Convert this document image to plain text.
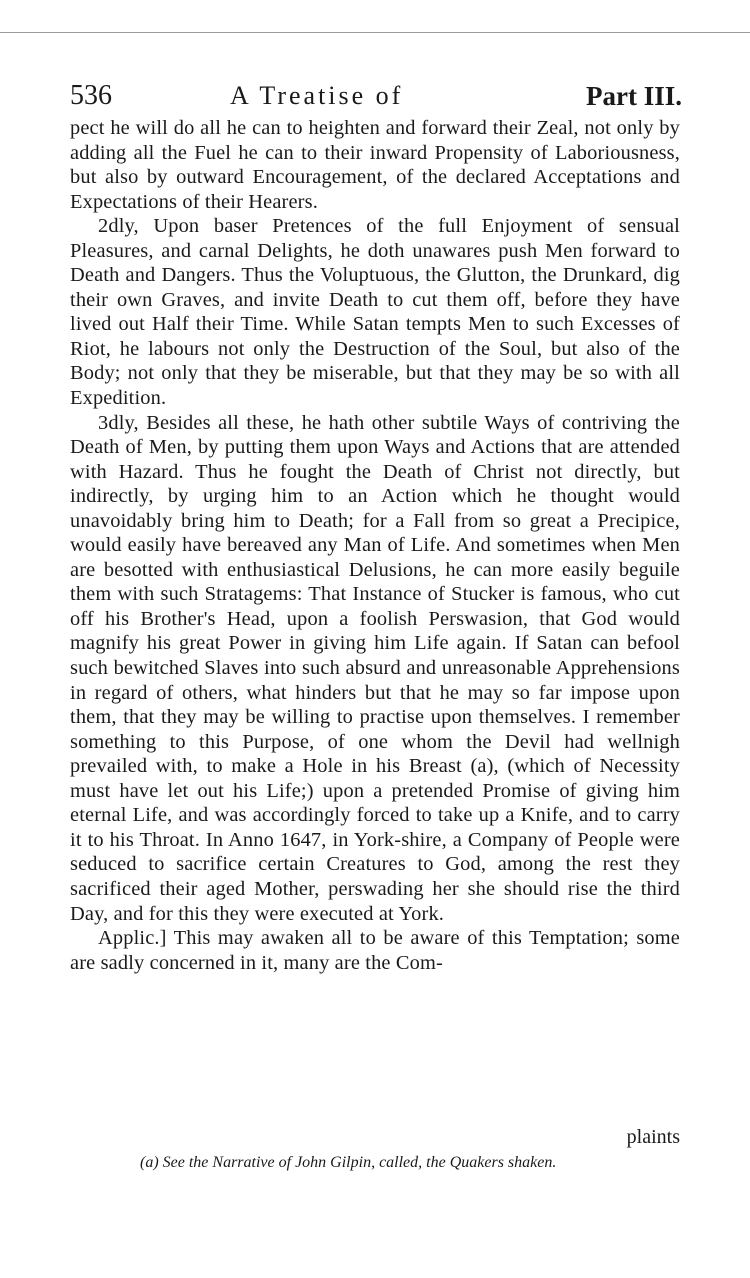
536	A Treatise of	Part III.

pect he will do all he can to heighten and forward their Zeal, not only by adding all the Fuel he can to their inward Propensity of Laboriousness, but also by outward Encouragement, of the declared Acceptations and Expectations of their Hearers.

2dly, Upon baser Pretences of the full Enjoyment of sensual Pleasures, and carnal Delights, he doth unawares push Men forward to Death and Dangers. Thus the Voluptuous, the Glutton, the Drunkard, dig their own Graves, and invite Death to cut them off, before they have lived out Half their Time. While Satan tempts Men to such Excesses of Riot, he labours not only the Destruction of the Soul, but also of the Body; not only that they be miserable, but that they may be so with all Expedition.

3dly, Besides all these, he hath other subtile Ways of contriving the Death of Men, by putting them upon Ways and Actions that are attended with Hazard. Thus he fought the Death of Christ not directly, but indirectly, by urging him to an Action which he thought would unavoidably bring him to Death; for a Fall from so great a Precipice, would easily have bereaved any Man of Life. And sometimes when Men are besotted with enthusiastical Delusions, he can more easily beguile them with such Stratagems: That Instance of Stucker is famous, who cut off his Brother's Head, upon a foolish Perswasion, that God would magnify his great Power in giving him Life again. If Satan can befool such bewitched Slaves into such absurd and unreasonable Apprehensions in regard of others, what hinders but that he may so far impose upon them, that they may be willing to practise upon themselves. I remember something to this Purpose, of one whom the Devil had wellnigh prevailed with, to make a Hole in his Breast (a), (which of Necessity must have let out his Life;) upon a pretended Promise of giving him eternal Life, and was accordingly forced to take up a Knife, and to carry it to his Throat. In Anno 1647, in York-shire, a Company of People were seduced to sacrifice certain Creatures to God, among the rest they sacrificed their aged Mother, perswading her she should rise the third Day, and for this they were executed at York.

Applic.] This may awaken all to be aware of this Temptation; some are sadly concerned in it, many are the Com-

plaints
(a) See the Narrative of John Gilpin, called, the Quakers shaken.
